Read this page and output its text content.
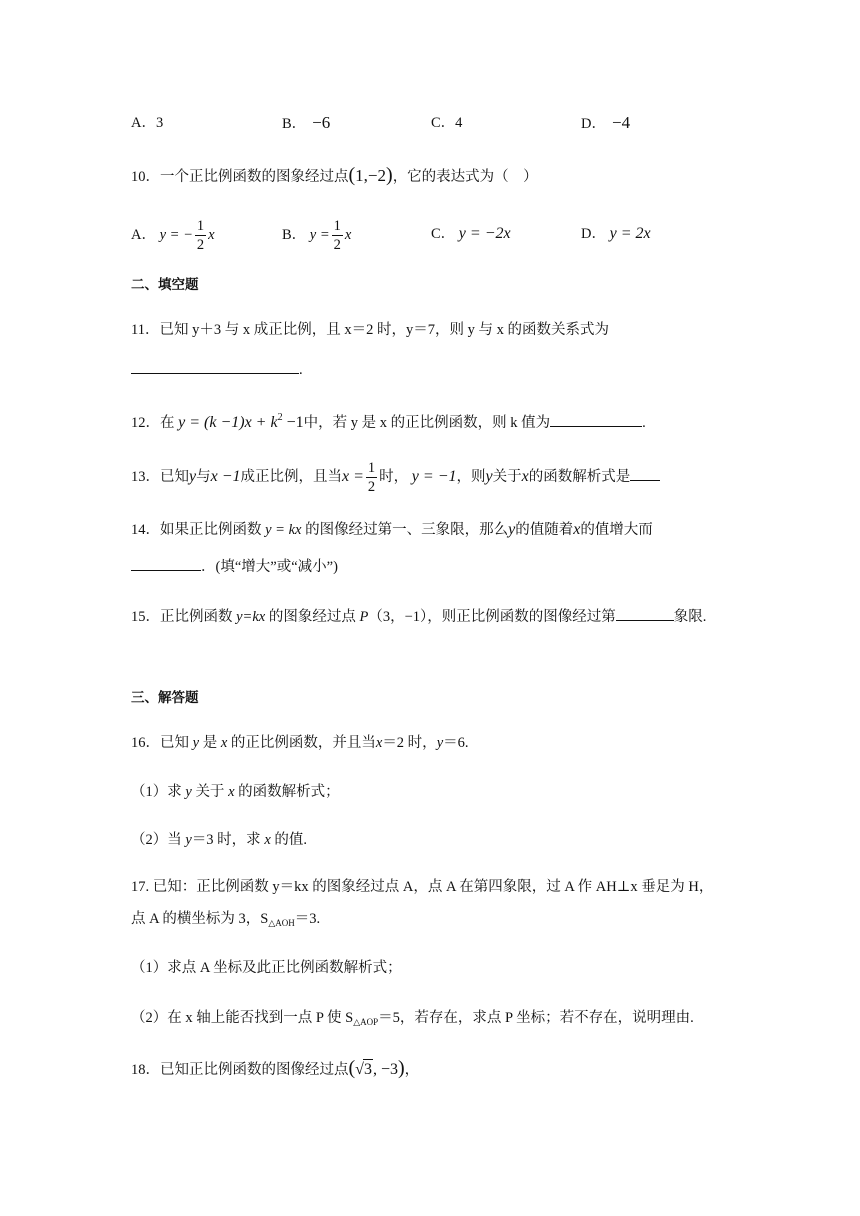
A．3	B． −6	C．4	D． −4
10．一个正比例函数的图象经过点(1,−2)，它的表达式为（　）
A． y = − $\frac{1}{2}$ x	B． $y = \frac{1}{2}$ x	C． y = −2x	D． y = 2x
二、填空题
11．已知 y＋3 与 x 成正比例，且 x＝2 时，y＝7，则 y 与 x 的函数关系式为
.
12．在 $y = (k -1)x + k^2 -1$中，若 y 是 x 的正比例函数，则 k 值为	.
13．已知y与x −1成正比例，且当$x = \frac{1}{2}$ 时， y = −1，则y关于x的函数解析式是
14．如果正比例函数 y = kx 的图像经过第一、三象限，那么y的值随着x的值增大而
．(填“增大”或“减小”)
15．正比例函数 y=kx 的图象经过点 P（3，−1），则正比例函数的图像经过第	象限.
三、解答题
16．已知 y 是 x 的正比例函数，并且当x＝2 时，y＝6.
（1）求 y 关于 x 的函数解析式；
（2）当 y＝3 时，求 x 的值.
17. 已知：正比例函数 y＝kx 的图象经过点 A，点 A 在第四象限，过 A 作 AH⊥x 垂足为 H，
点 A 的横坐标为 3，$S_{\triangle AOH}=3$.
（1）求点 A 坐标及此正比例函数解析式；
（2）在 x 轴上能否找到一点 P 使 $S_{\triangle AOP}=5$，若存在，求点 P 坐标；若不存在，说明理由.
18．已知正比例函数的图像经过点(√3, −3)，
